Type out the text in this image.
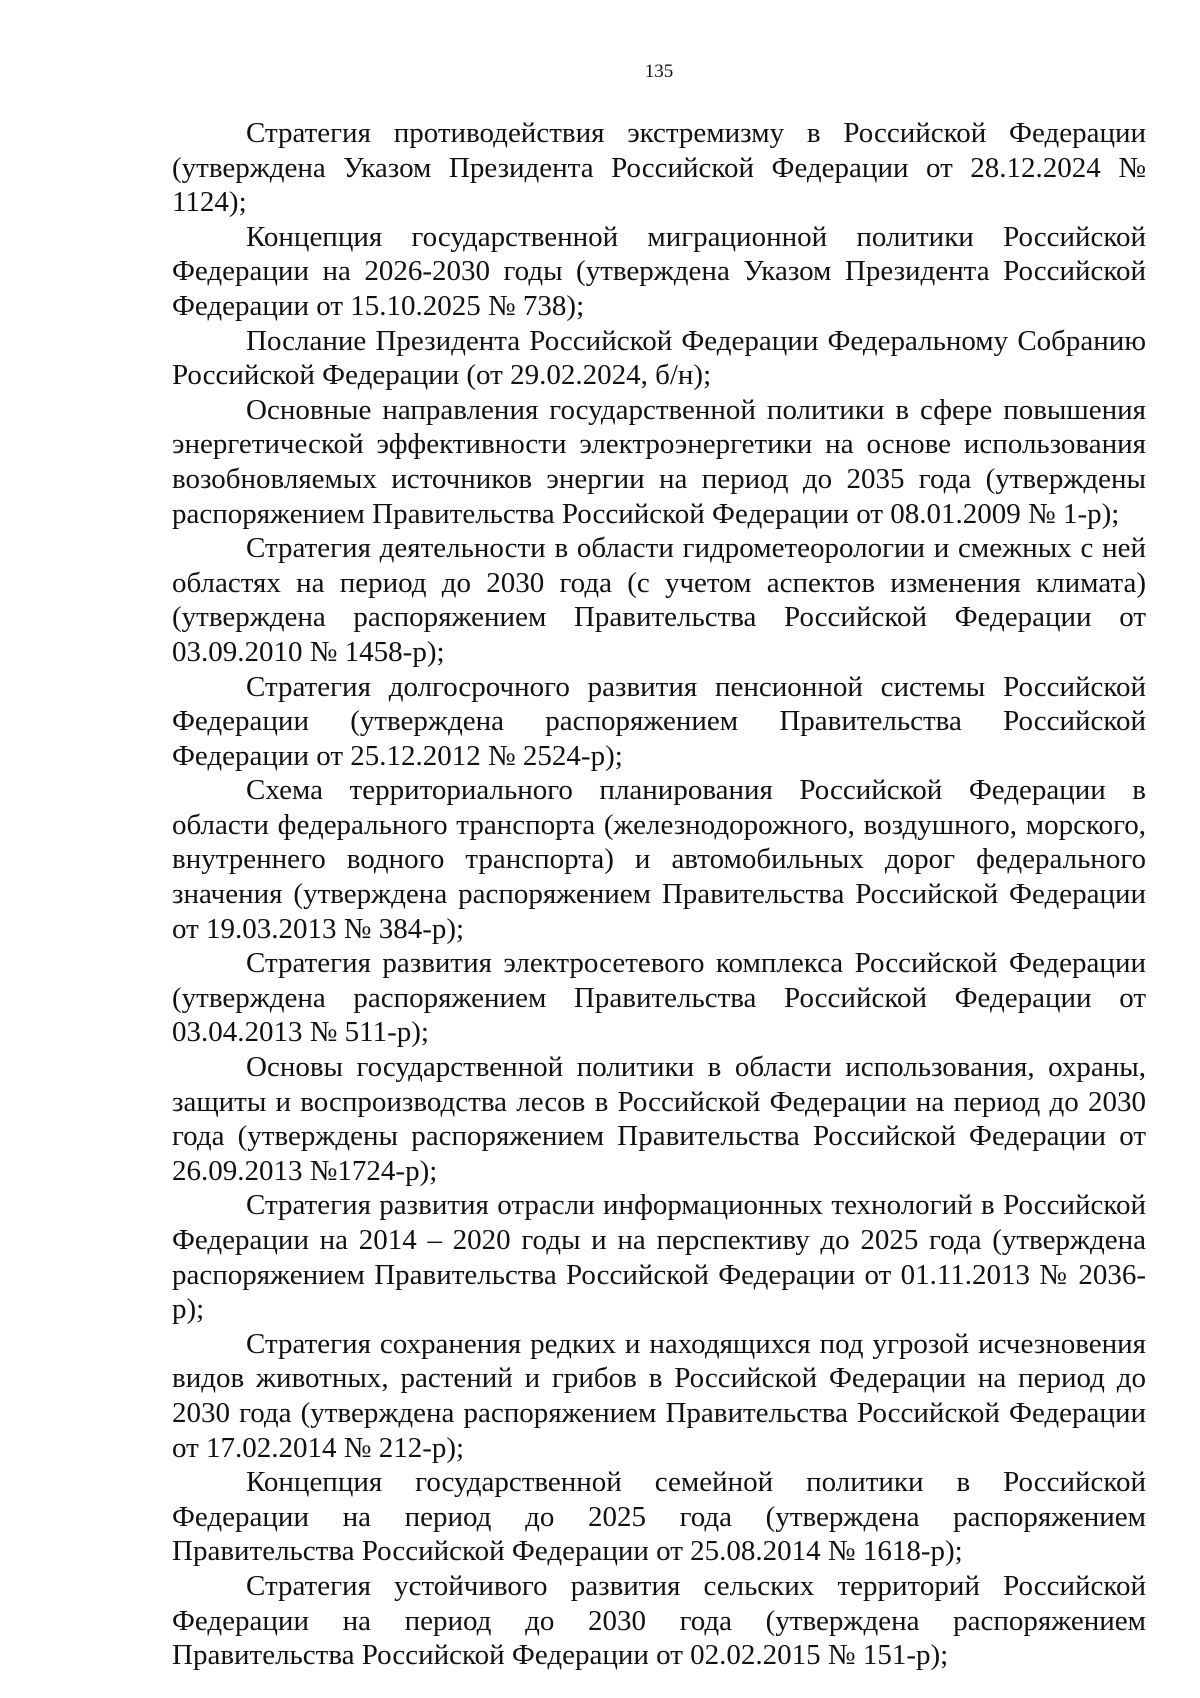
135

Стратегия противодействия экстремизму в Российской Федерации (утверждена Указом Президента Российской Федерации от 28.12.2024 № 1124);

Концепция государственной миграционной политики Российской Федерации на 2026-2030 годы (утверждена Указом Президента Российской Федерации от 15.10.2025 № 738);

Послание Президента Российской Федерации Федеральному Собранию Российской Федерации (от 29.02.2024, б/н);

Основные направления государственной политики в сфере повышения энергетической эффективности электроэнергетики на основе использования возобновляемых источников энергии на период до 2035 года (утверждены распоряжением Правительства Российской Федерации от 08.01.2009 № 1-р);

Стратегия деятельности в области гидрометеорологии и смежных с ней областях на период до 2030 года (с учетом аспектов изменения климата) (утверждена распоряжением Правительства Российской Федерации от 03.09.2010 № 1458-р);

Стратегия долгосрочного развития пенсионной системы Российской Федерации (утверждена распоряжением Правительства Российской Федерации от 25.12.2012 № 2524-р);

Схема территориального планирования Российской Федерации в области федерального транспорта (железнодорожного, воздушного, морского, внутреннего водного транспорта) и автомобильных дорог федерального значения (утверждена распоряжением Правительства Российской Федерации от 19.03.2013 № 384-р);

Стратегия развития электросетевого комплекса Российской Федерации (утверждена распоряжением Правительства Российской Федерации от 03.04.2013 № 511-р);

Основы государственной политики в области использования, охраны, защиты и воспроизводства лесов в Российской Федерации на период до 2030 года (утверждены распоряжением Правительства Российской Федерации от 26.09.2013 №1724-р);

Стратегия развития отрасли информационных технологий в Российской Федерации на 2014 – 2020 годы и на перспективу до 2025 года (утверждена распоряжением Правительства Российской Федерации от 01.11.2013 № 2036-р);

Стратегия сохранения редких и находящихся под угрозой исчезновения видов животных, растений и грибов в Российской Федерации на период до 2030 года (утверждена распоряжением Правительства Российской Федерации от 17.02.2014 № 212-р);

Концепция государственной семейной политики в Российской Федерации на период до 2025 года (утверждена распоряжением Правительства Российской Федерации от 25.08.2014 № 1618-р);

Стратегия устойчивого развития сельских территорий Российской Федерации на период до 2030 года (утверждена распоряжением Правительства Российской Федерации от 02.02.2015 № 151-р);
